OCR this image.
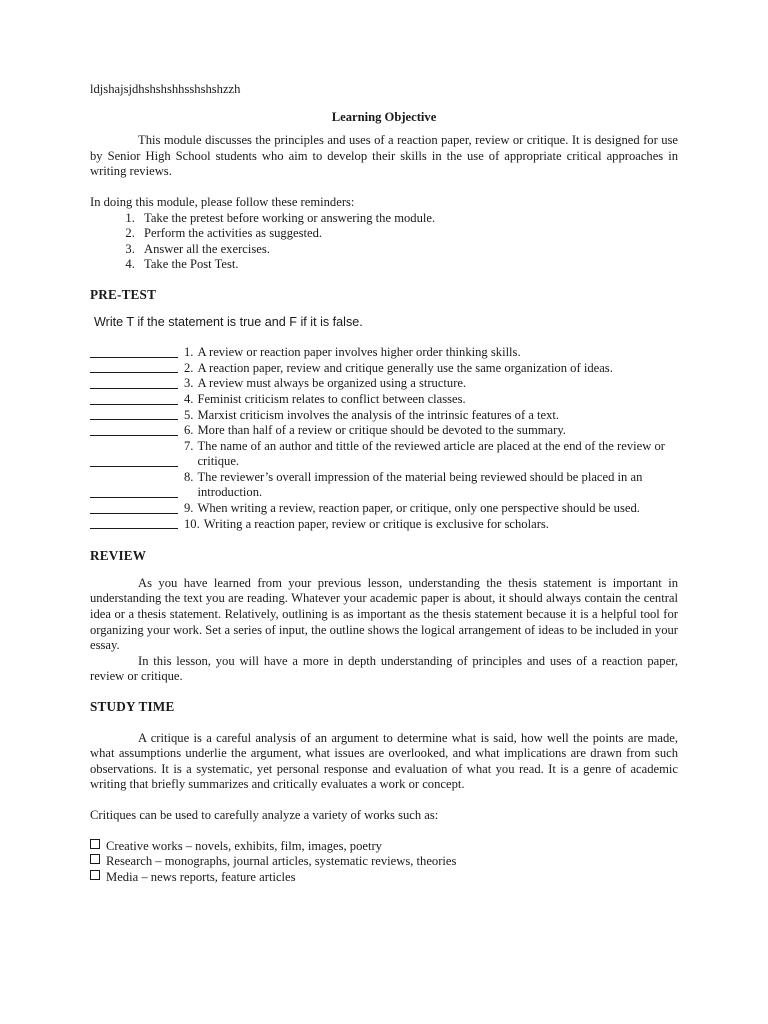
ldjshajsjdhshshshhsshshshzzh
Learning Objective

This module discusses the principles and uses of a reaction paper, review or critique. It is designed for use by Senior High School students who aim to develop their skills in the use of appropriate critical approaches in writing reviews.

In doing this module, please follow these reminders:

1. Take the pretest before working or answering the module.
2. Perform the activities as suggested.
3. Answer all the exercises.
4. Take the Post Test.
PRE-TEST
Write T if the statement is true and F if it is false.
1. A review or reaction paper involves higher order thinking skills.
2. A reaction paper, review and critique generally use the same organization of ideas.
3. A review must always be organized using a structure.
4. Feminist criticism relates to conflict between classes.
5. Marxist criticism involves the analysis of the intrinsic features of a text.
6. More than half of a review or critique should be devoted to the summary.
7. The name of an author and tittle of the reviewed article are placed at the end of the review or critique.
8. The reviewer’s overall impression of the material being reviewed should be placed in an introduction.
9. When writing a review, reaction paper, or critique, only one perspective should be used.
10. Writing a reaction paper, review or critique is exclusive for scholars.
REVIEW

As you have learned from your previous lesson, understanding the thesis statement is important in understanding the text you are reading. Whatever your academic paper is about, it should always contain the central idea or a thesis statement. Relatively, outlining is as important as the thesis statement because it is a helpful tool for organizing your work. Set a series of input, the outline shows the logical arrangement of ideas to be included in your essay.

In this lesson, you will have a more in depth understanding of principles and uses of a reaction paper, review or critique.

STUDY TIME

A critique is a careful analysis of an argument to determine what is said, how well the points are made, what assumptions underlie the argument, what issues are overlooked, and what implications are drawn from such observations. It is a systematic, yet personal response and evaluation of what you read. It is a genre of academic writing that briefly summarizes and critically evaluates a work or concept.

Critiques can be used to carefully analyze a variety of works such as:

Creative works – novels, exhibits, film, images, poetry
Research – monographs, journal articles, systematic reviews, theories
Media – news reports, feature articles
